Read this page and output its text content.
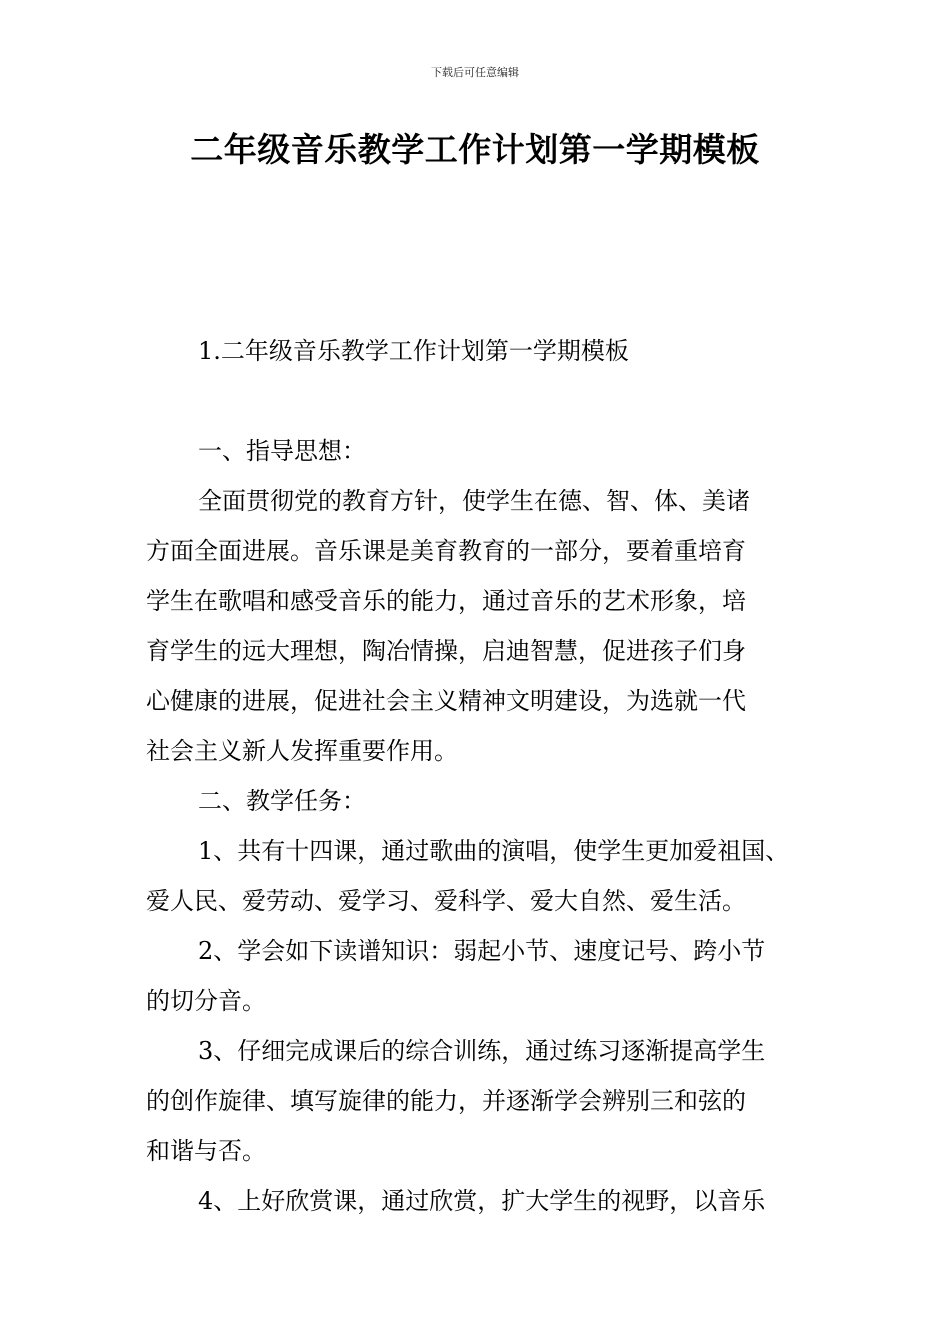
下载后可任意编辑
二年级音乐教学工作计划第一学期模板
1.二年级音乐教学工作计划第一学期模板

一、指导思想：

全面贯彻党的教育方针，使学生在德、智、体、美诸

方面全面进展。音乐课是美育教育的一部分，要着重培育

学生在歌唱和感受音乐的能力，通过音乐的艺术形象，培

育学生的远大理想，陶冶情操，启迪智慧，促进孩子们身

心健康的进展，促进社会主义精神文明建设，为选就一代

社会主义新人发挥重要作用。

二、教学任务：

1、共有十四课，通过歌曲的演唱，使学生更加爱祖国、

爱人民、爱劳动、爱学习、爱科学、爱大自然、爱生活。

2、学会如下读谱知识：弱起小节、速度记号、跨小节

的切分音。

3、仔细完成课后的综合训练，通过练习逐渐提高学生

的创作旋律、填写旋律的能力，并逐渐学会辨别三和弦的

和谐与否。

4、上好欣赏课，通过欣赏，扩大学生的视野，以音乐
